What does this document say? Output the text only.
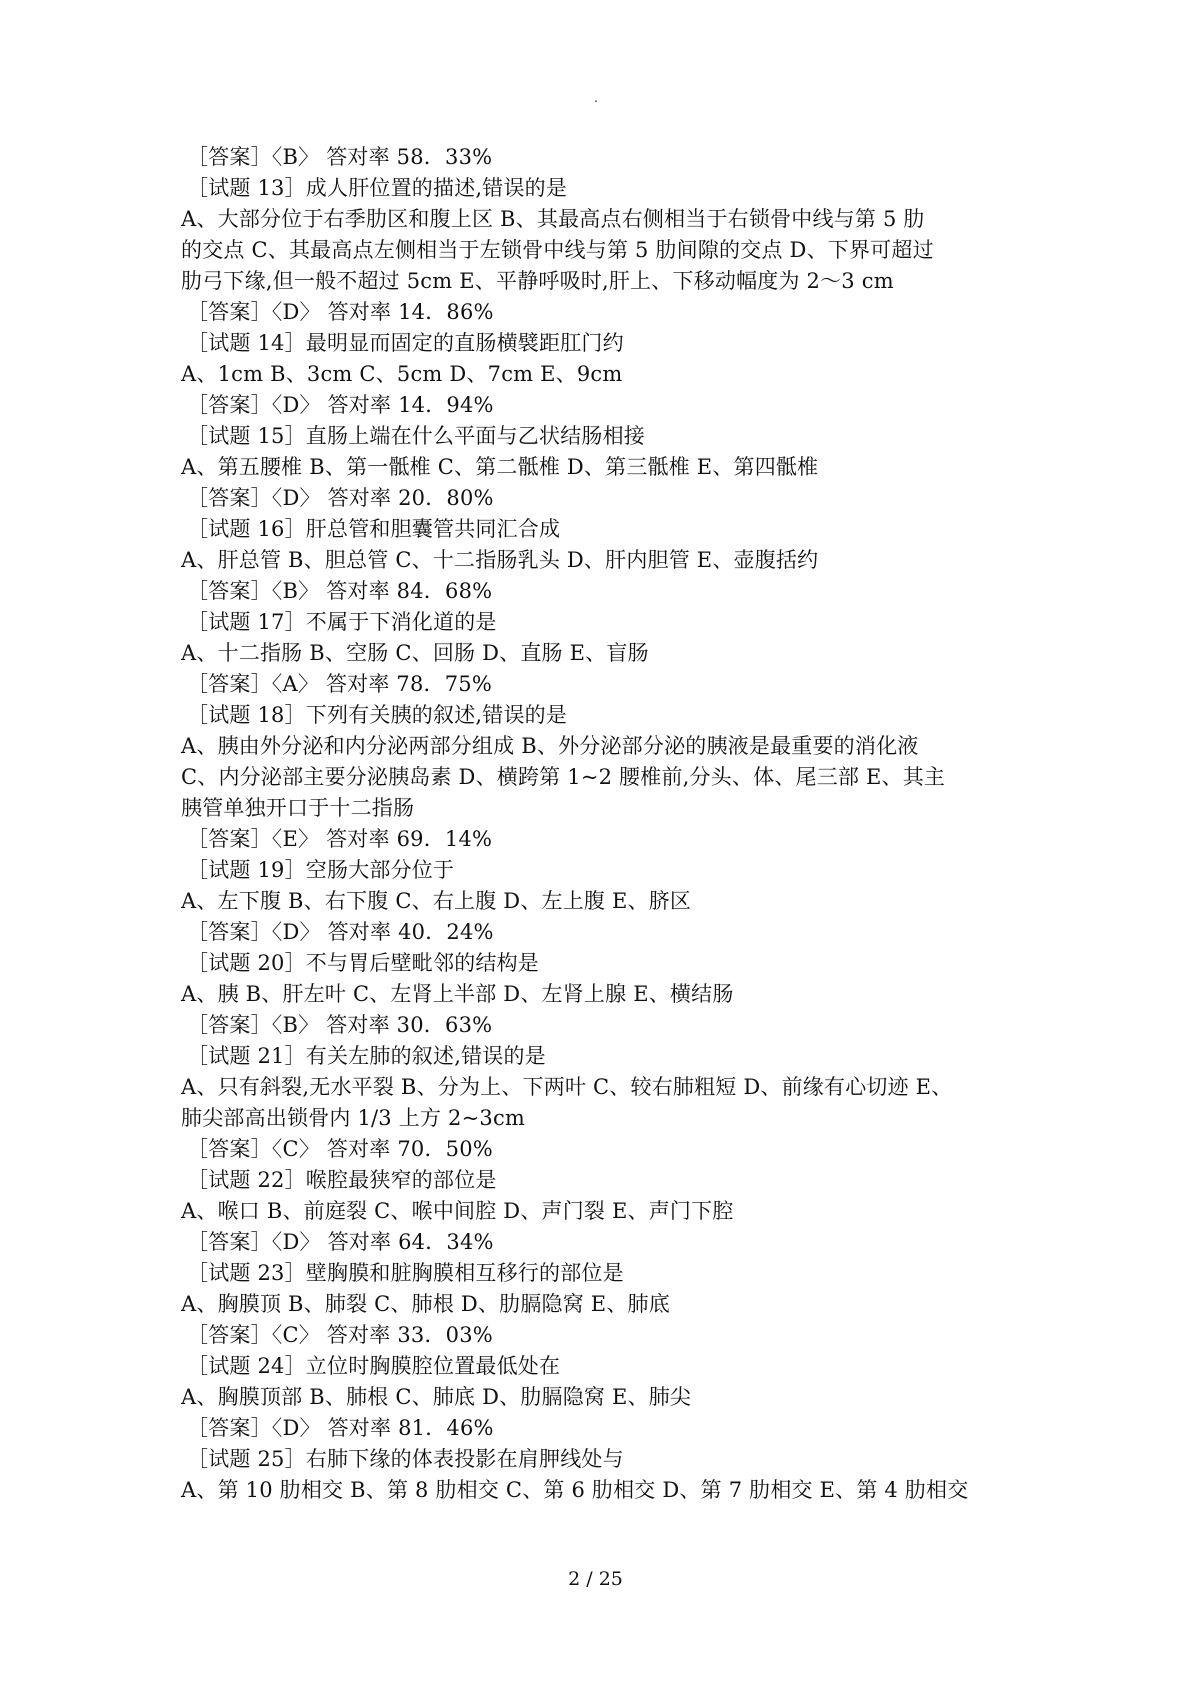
.
［答案］〈B〉 答对率 58．33%
［试题 13］成人肝位置的描述,错误的是
A、大部分位于右季肋区和腹上区 B、其最高点右侧相当于右锁骨中线与第 5 肋
的交点 C、其最高点左侧相当于左锁骨中线与第 5 肋间隙的交点 D、下界可超过
肋弓下缘,但一般不超过 5cm E、平静呼吸时,肝上、下移动幅度为 2～3 cm
［答案］〈D〉 答对率 14．86%
［试题 14］最明显而固定的直肠横襞距肛门约
A、1cm B、3cm C、5cm D、7cm E、9cm
［答案］〈D〉 答对率 14．94%
［试题 15］直肠上端在什么平面与乙状结肠相接
A、第五腰椎 B、第一骶椎 C、第二骶椎 D、第三骶椎 E、第四骶椎
［答案］〈D〉 答对率 20．80%
［试题 16］肝总管和胆囊管共同汇合成
A、肝总管 B、胆总管 C、十二指肠乳头 D、肝内胆管 E、壶腹括约
［答案］〈B〉 答对率 84．68%
［试题 17］不属于下消化道的是
A、十二指肠 B、空肠 C、回肠 D、直肠 E、盲肠
［答案］〈A〉 答对率 78．75%
［试题 18］下列有关胰的叙述,错误的是
A、胰由外分泌和内分泌两部分组成 B、外分泌部分泌的胰液是最重要的消化液
C、内分泌部主要分泌胰岛素 D、横跨第 1~2 腰椎前,分头、体、尾三部 E、其主
胰管单独开口于十二指肠
［答案］〈E〉 答对率 69．14%
［试题 19］空肠大部分位于
A、左下腹 B、右下腹 C、右上腹 D、左上腹 E、脐区
［答案］〈D〉 答对率 40．24%
［试题 20］不与胃后壁毗邻的结构是
A、胰 B、肝左叶 C、左肾上半部 D、左肾上腺 E、横结肠
［答案］〈B〉 答对率 30．63%
［试题 21］有关左肺的叙述,错误的是
A、只有斜裂,无水平裂 B、分为上、下两叶 C、较右肺粗短 D、前缘有心切迹 E、
肺尖部高出锁骨内 1/3 上方 2~3cm
［答案］〈C〉 答对率 70．50%
［试题 22］喉腔最狭窄的部位是
A、喉口 B、前庭裂 C、喉中间腔 D、声门裂 E、声门下腔
［答案］〈D〉 答对率 64．34%
［试题 23］壁胸膜和脏胸膜相互移行的部位是
A、胸膜顶 B、肺裂 C、肺根 D、肋膈隐窝 E、肺底
［答案］〈C〉 答对率 33．03%
［试题 24］立位时胸膜腔位置最低处在
A、胸膜顶部 B、肺根 C、肺底 D、肋膈隐窝 E、肺尖
［答案］〈D〉 答对率 81．46%
［试题 25］右肺下缘的体表投影在肩胛线处与
A、第 10 肋相交 B、第 8 肋相交 C、第 6 肋相交 D、第 7 肋相交 E、第 4 肋相交
2 / 25
